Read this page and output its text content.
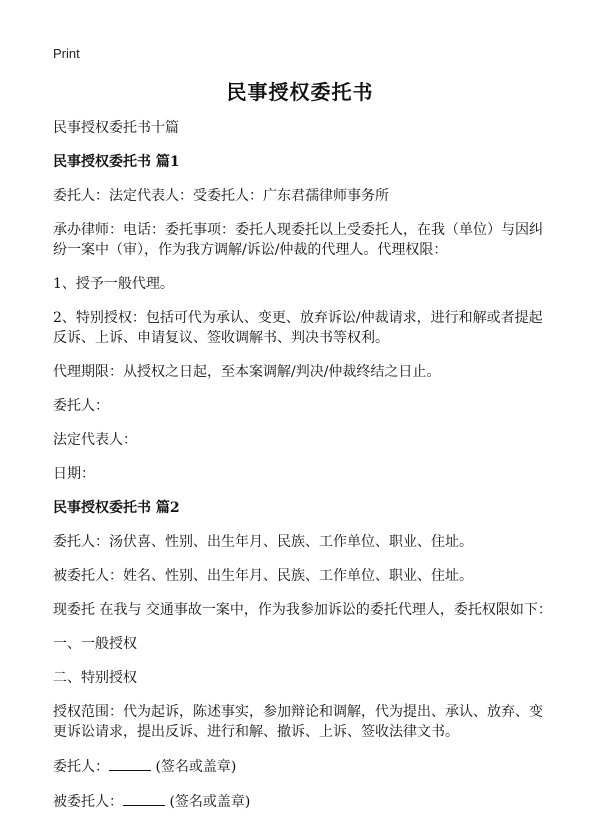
Print
民事授权委托书

民事授权委托书十篇

民事授权委托书 篇1

委托人：法定代表人：受委托人：广东君孺律师事务所

承办律师：电话：委托事项：委托人现委托以上受委托人，在我（单位）与因纠纷一案中（审），作为我方调解/诉讼/仲裁的代理人。代理权限：

1、授予一般代理。

2、特别授权：包括可代为承认、变更、放弃诉讼/仲裁请求，进行和解或者提起反诉、上诉、申请复议、签收调解书、判决书等权利。

代理期限：从授权之日起，至本案调解/判决/仲裁终结之日止。

委托人：

法定代表人：

日期：

民事授权委托书 篇2

委托人：汤伏喜、性别、出生年月、民族、工作单位、职业、住址。

被委托人：姓名、性别、出生年月、民族、工作单位、职业、住址。

现委托 在我与 交通事故一案中，作为我参加诉讼的委托代理人，委托权限如下：

一、一般授权

二、特别授权

授权范围：代为起诉，陈述事实，参加辩论和调解，代为提出、承认、放弃、变更诉讼请求，提出反诉、进行和解、撤诉、上诉、签收法律文书。

委托人：	(签名或盖章)

被委托人：	(签名或盖章)
